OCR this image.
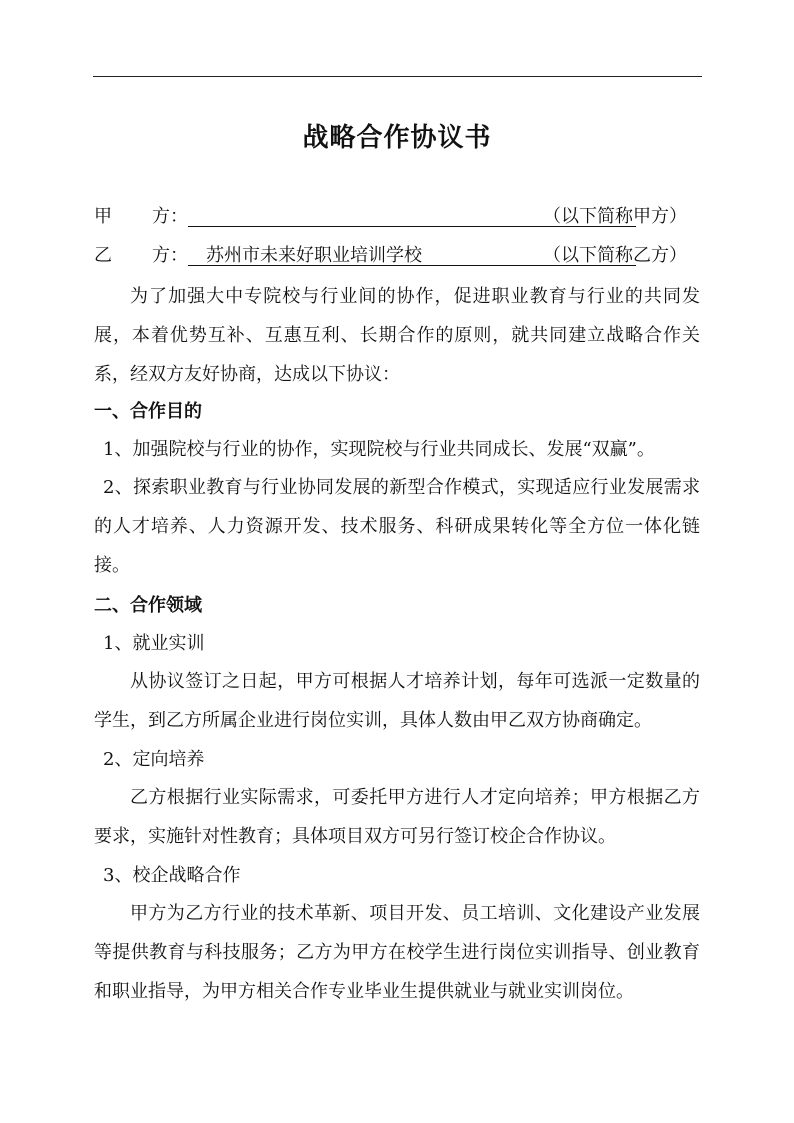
战略合作协议书
甲 方：	（以下简称甲方）
乙 方： 苏州市未来好职业培训学校	（以下简称乙方）
为了加强大中专院校与行业间的协作，促进职业教育与行业的共同发展，本着优势互补、互惠互利、长期合作的原则，就共同建立战略合作关系，经双方友好协商，达成以下协议：
一、合作目的
1、加强院校与行业的协作，实现院校与行业共同成长、发展“双赢”。
2、探索职业教育与行业协同发展的新型合作模式，实现适应行业发展需求的人才培养、人力资源开发、技术服务、科研成果转化等全方位一体化链接。
二、合作领域
1、就业实训
从协议签订之日起，甲方可根据人才培养计划，每年可选派一定数量的学生，到乙方所属企业进行岗位实训，具体人数由甲乙双方协商确定。
2、定向培养
乙方根据行业实际需求，可委托甲方进行人才定向培养；甲方根据乙方要求，实施针对性教育；具体项目双方可另行签订校企合作协议。
3、校企战略合作
甲方为乙方行业的技术革新、项目开发、员工培训、文化建设产业发展等提供教育与科技服务；乙方为甲方在校学生进行岗位实训指导、创业教育和职业指导，为甲方相关合作专业毕业生提供就业与就业实训岗位。
